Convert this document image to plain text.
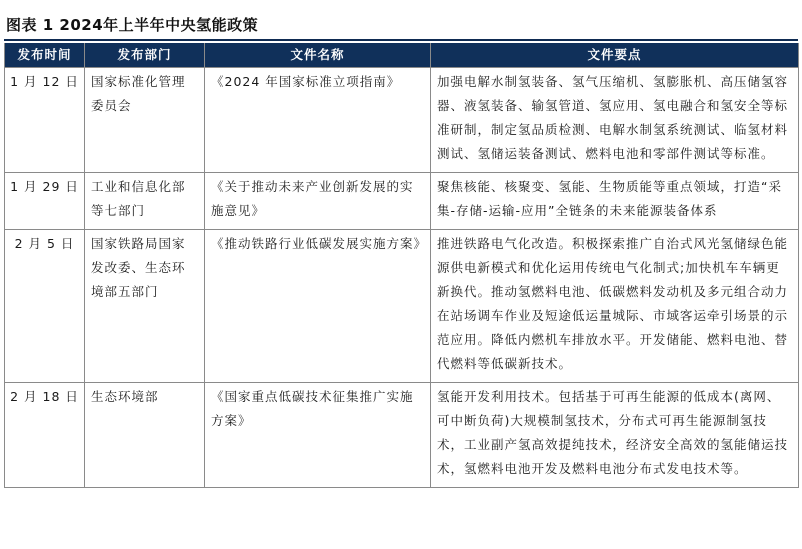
图表 1 2024年上半年中央氢能政策
发布时间	发布部门	文件名称	文件要点
1 月 12 日	国家标准化管理委员会	《2024 年国家标准立项指南》	加强电解水制氢装备、氢气压缩机、氢膨胀机、高压储氢容器、液氢装备、输氢管道、氢应用、氢电融合和氢安全等标准研制，制定氢品质检测、电解水制氢系统测试、临氢材料测试、氢储运装备测试、燃料电池和零部件测试等标准。
1 月 29 日	工业和信息化部等七部门	《关于推动未来产业创新发展的实施意见》	聚焦核能、核聚变、氢能、生物质能等重点领域，打造“采集-存储-运输-应用”全链条的未来能源装备体系
2 月 5 日	国家铁路局国家发改委、生态环境部五部门	《推动铁路行业低碳发展实施方案》	推进铁路电气化改造。积极探索推广自治式风光氢储绿色能源供电新模式和优化运用传统电气化制式;加快机车车辆更新换代。推动氢燃料电池、低碳燃料发动机及多元组合动力在站场调车作业及短途低运量城际、市域客运牵引场景的示范应用。降低内燃机车排放水平。开发储能、燃料电池、替代燃料等低碳新技术。
2 月 18 日	生态环境部	《国家重点低碳技术征集推广实施方案》	氢能开发利用技术。包括基于可再生能源的低成本(离网、可中断负荷)大规模制氢技术，分布式可再生能源制氢技术，工业副产氢高效提纯技术，经济安全高效的氢能储运技术，氢燃料电池开发及燃料电池分布式发电技术等。
